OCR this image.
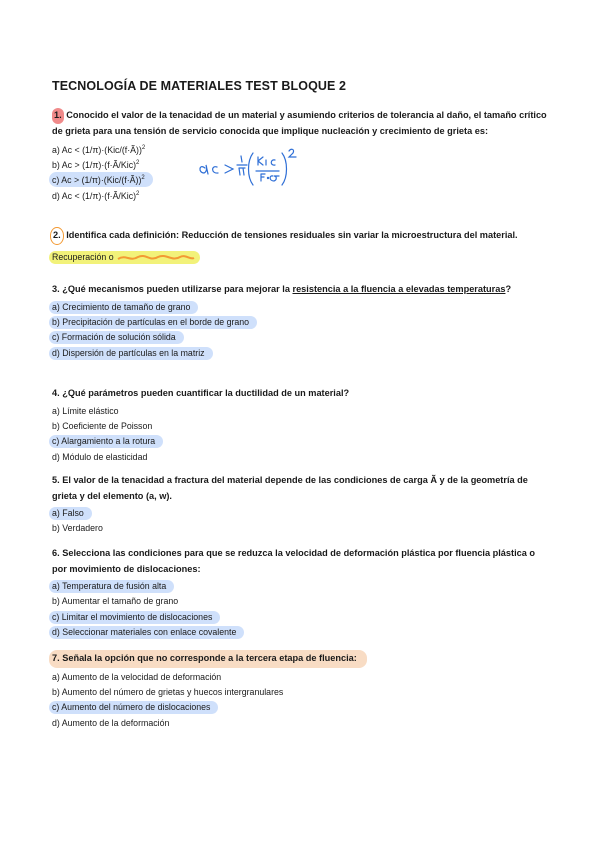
TECNOLOGÍA DE MATERIALES TEST BLOQUE 2

1. Conocido el valor de la tenacidad de un material y asumiendo criterios de tolerancia al daño, el tamaño crítico de grieta para una tensión de servicio conocida que implique nucleación y crecimiento de grieta es:

a) Ac < (1/π)·(Kic/(f·Ã))$^2$
b) Ac > (1/π)·(f·Ã/Kic)$^2$
c) Ac > (1/π)·(Kic/(f·Ã))$^2$
d) Ac < (1/π)·(f·Ã/Kic)$^2$

2. Identifica cada definición: Reducción de tensiones residuales sin variar la microestructura del material.

Recuperación o

3. ¿Qué mecanismos pueden utilizarse para mejorar la resistencia a la fluencia a elevadas temperaturas?

a) Crecimiento de tamaño de grano
b) Precipitación de partículas en el borde de grano
c) Formación de solución sólida
d) Dispersión de partículas en la matriz

4. ¿Qué parámetros pueden cuantificar la ductilidad de un material?

a) Límite elástico
b) Coeficiente de Poisson
c) Alargamiento a la rotura
d) Módulo de elasticidad

5. El valor de la tenacidad a fractura del material depende de las condiciones de carga Ã y de la geometría de grieta y del elemento (a, w).

a) Falso
b) Verdadero

6. Selecciona las condiciones para que se reduzca la velocidad de deformación plástica por fluencia plástica o por movimiento de dislocaciones:

a) Temperatura de fusión alta
b) Aumentar el tamaño de grano
c) Limitar el movimiento de dislocaciones
d) Seleccionar materiales con enlace covalente

7. Señala la opción que no corresponde a la tercera etapa de fluencia:

a) Aumento de la velocidad de deformación
b) Aumento del número de grietas y huecos intergranulares
c) Aumento del número de dislocaciones
d) Aumento de la deformación
